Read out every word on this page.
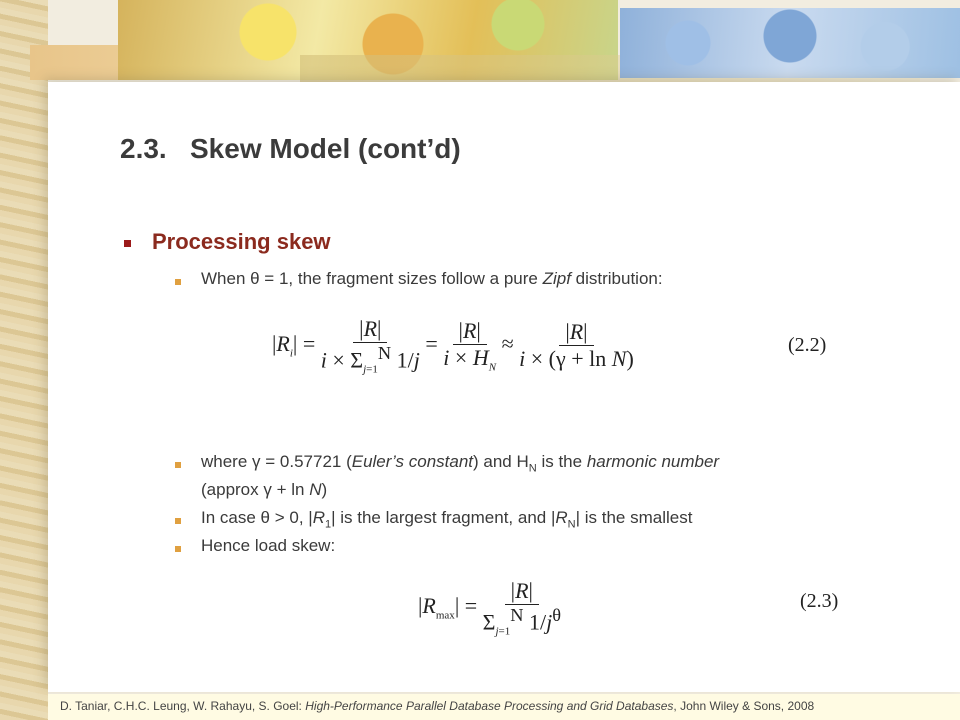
2.3. Skew Model (cont’d)
Processing skew
When θ = 1, the fragment sizes follow a pure Zipf distribution:
$|R_i| = \frac{|R|}{i \times \Sigma_{j=1}^N 1/j} = \frac{|R|}{i \times H_N} \approx \frac{|R|}{\text{i × (γ + ln N)}}$	(2.2)
where γ = 0.57721 (Euler’s constant) and $H_N$ is the harmonic number
(approx γ + ln N)
In case θ > 0, $|R_1|$ is the largest fragment, and $|R_N|$ is the smallest
Hence load skew:
$|R_{max}| = \frac{|R|}{\Sigma_{j=1}^N 1/j^\theta}$	(2.3)
D. Taniar, C.H.C. Leung, W. Rahayu, S. Goel: High-Performance Parallel Database Processing and Grid Databases, John Wiley & Sons, 2008
